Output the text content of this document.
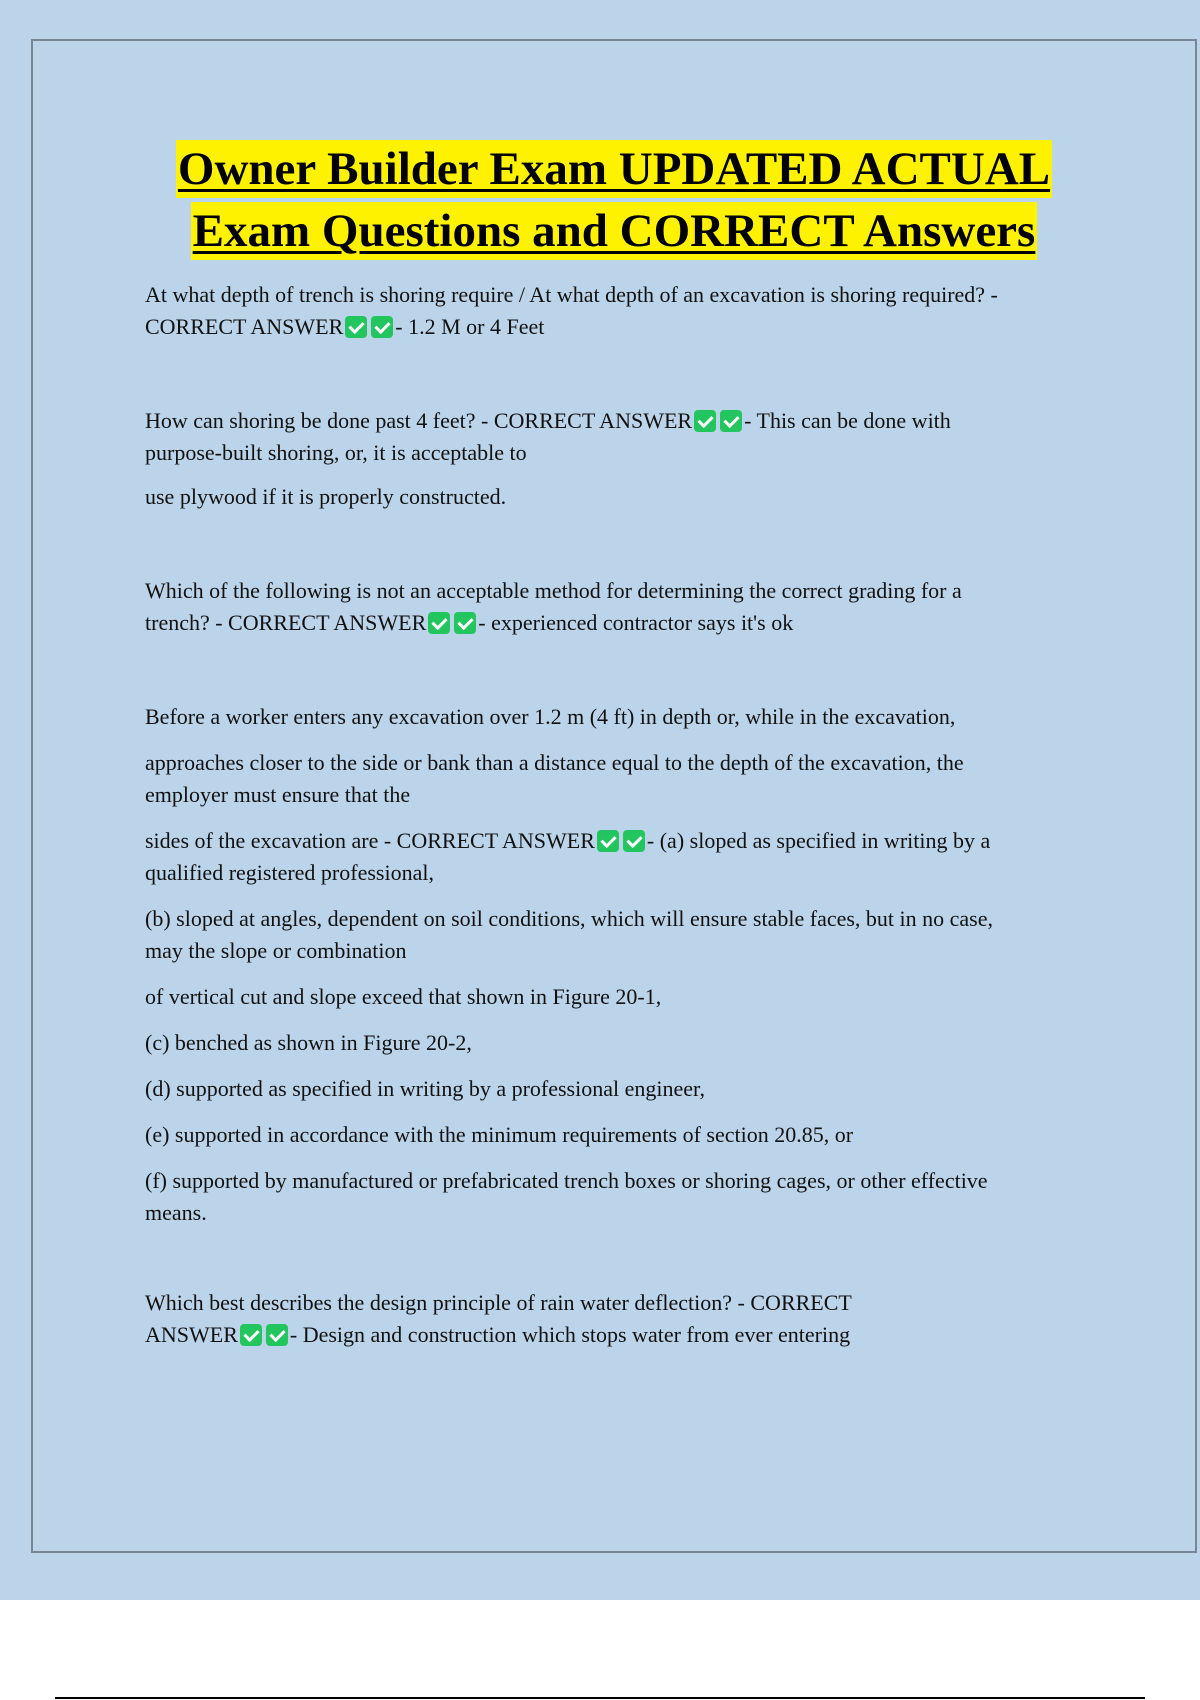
Owner Builder Exam UPDATED ACTUAL
Exam Questions and CORRECT Answers

At what depth of trench is shoring require / At what depth of an excavation is shoring required? -

CORRECT ANSWER - 1.2 M or 4 Feet

How can shoring be done past 4 feet? - CORRECT ANSWER - This can be done with

purpose-built shoring, or, it is acceptable to

use plywood if it is properly constructed.

Which of the following is not an acceptable method for determining the correct grading for a

trench? - CORRECT ANSWER - experienced contractor says it's ok

Before a worker enters any excavation over 1.2 m (4 ft) in depth or, while in the excavation,

approaches closer to the side or bank than a distance equal to the depth of the excavation, the

employer must ensure that the

sides of the excavation are - CORRECT ANSWER - (a) sloped as specified in writing by a

qualified registered professional,

(b) sloped at angles, dependent on soil conditions, which will ensure stable faces, but in no case,

may the slope or combination

of vertical cut and slope exceed that shown in Figure 20-1,

(c) benched as shown in Figure 20-2,

(d) supported as specified in writing by a professional engineer,

(e) supported in accordance with the minimum requirements of section 20.85, or

(f) supported by manufactured or prefabricated trench boxes or shoring cages, or other effective

means.

Which best describes the design principle of rain water deflection? - CORRECT

ANSWER - Design and construction which stops water from ever entering
